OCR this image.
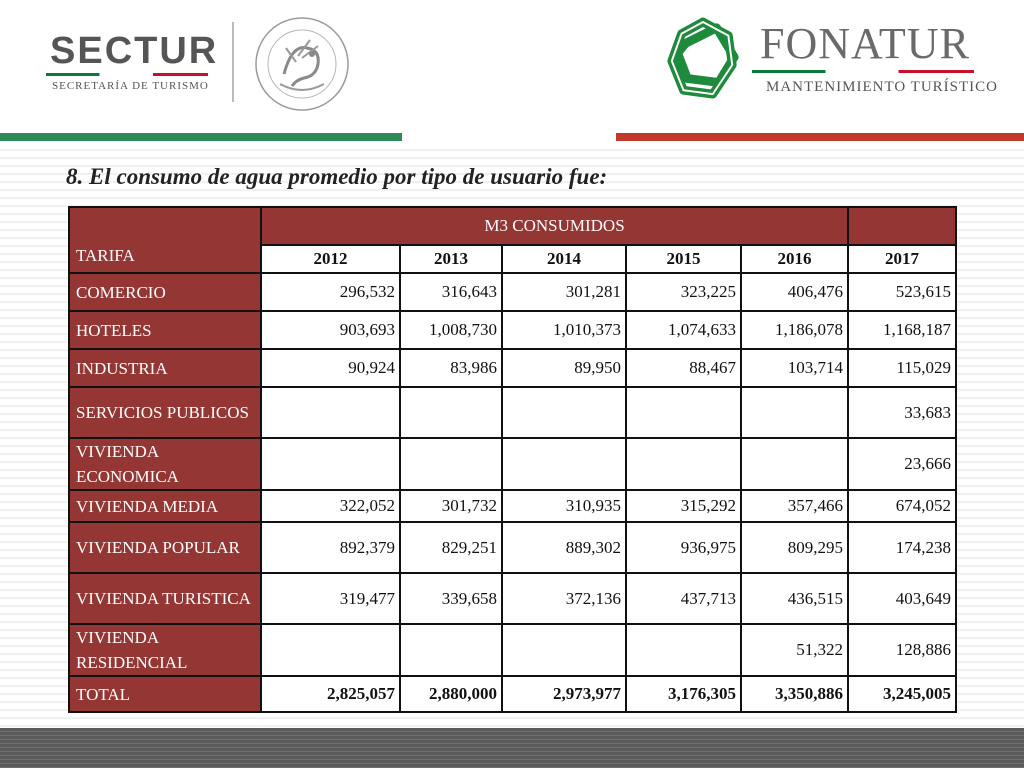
SECTUR
SECRETARÍA DE TURISMO
FONATUR
MANTENIMIENTO TURÍSTICO
8. El consumo de agua promedio por tipo de usuario fue:
TARIFA	M3 CONSUMIDOS					
	2012	2013	2014	2015	2016	2017
COMERCIO	296,532	316,643	301,281	323,225	406,476	523,615
HOTELES	903,693	1,008,730	1,010,373	1,074,633	1,186,078	1,168,187
INDUSTRIA	90,924	83,986	89,950	88,467	103,714	115,029
SERVICIOS PUBLICOS						33,683
VIVIENDA ECONOMICA						23,666
VIVIENDA MEDIA	322,052	301,732	310,935	315,292	357,466	674,052
VIVIENDA POPULAR	892,379	829,251	889,302	936,975	809,295	174,238
VIVIENDA TURISTICA	319,477	339,658	372,136	437,713	436,515	403,649
VIVIENDA RESIDENCIAL					51,322	128,886
TOTAL	2,825,057	2,880,000	2,973,977	3,176,305	3,350,886	3,245,005
